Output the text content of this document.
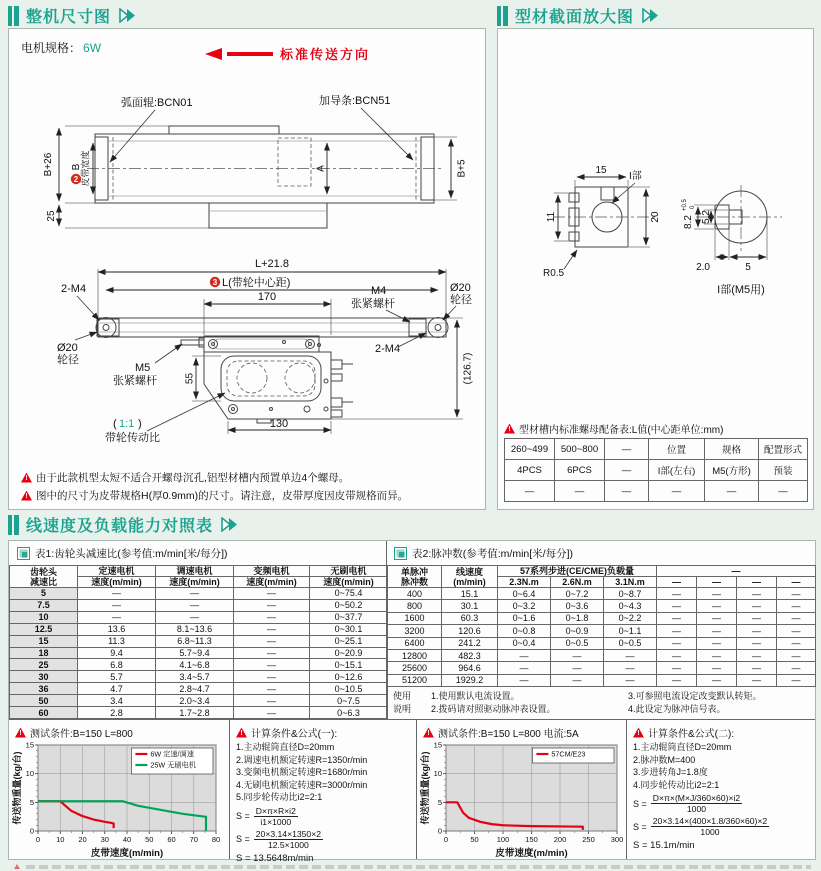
整机尺寸图
电机规格： 6W	标准传送方向
B+26
2
B
皮带宽度	A	B+5
25
弧面辊:BCN01	加导条:BCN51
L+21.8
3 L(带轮中心距)
170
2-M4
Ø20
轮径
M5
张紧螺杆
M4
张紧螺杆
Ø20
轮径
2-M4
55	(126.7)
130
( 1:1 )
带轮传动比
!
由于此款机型太短不适合开螺母沉孔,铝型材槽内预置单边4个螺母。
!
图中的尺寸为皮带规格H(厚0.9mm)的尺寸。请注意，皮带厚度因皮带规格而异。
型材截面放大图
15
11	20
R0.5
I部
8.2
+0.5 0
5.2
2.0	5
I部(M5用)
!
型材槽内标准螺母配备表:L值(中心距单位:mm)
260~499	500~800	—	位置	规格	配置形式
4PCS	6PCS	—	I部(左右)	M5(方形)	预装
—	—	—	—	—	—
线速度及负载能力对照表
表1:齿轮头减速比(参考值:m/min[米/每分])	表2:脉冲数(参考值:m/min[米/每分])
齿轮头
减速比	定速电机	调速电机	变频电机	无刷电机
	速度(m/min)	速度(m/min)	速度(m/min)	速度(m/min)
5	—	—	—	0~75.4
7.5	—	—	—	0~50.2
10	—	—	—	0~37.7
12.5	13.6	8.1~13.6	—	0~30.1
15	11.3	6.8~11.3	—	0~25.1
18	9.4	5.7~9.4	—	0~20.9
25	6.8	4.1~6.8	—	0~15.1
30	5.7	3.4~5.7	—	0~12.6
36	4.7	2.8~4.7	—	0~10.5
50	3.4	2.0~3.4	—	0~7.5
60	2.8	1.7~2.8	—	0~6.3
单脉冲
脉冲数

线速度
(m/min)
	57系列步进(CE/CME)负载量	—
		2.3N.m	2.6N.m	3.1N.m	—	—	—	—
400	15.1	0~6.4	0~7.2	0~8.7	—	—	—	—
800	30.1	0~3.2	0~3.6	0~4.3	—	—	—	—
1600	60.3	0~1.6	0~1.8	0~2.2	—	—	—	—
3200	120.6	0~0.8	0~0.9	0~1.1	—	—	—	—
6400	241.2	0~0.4	0~0.5	0~0.5	—	—	—	—
12800	482.3	—	—	—	—	—	—	—
25600	964.6	—	—	—	—	—	—	—
51200	1929.2	—	—	—	—	—	—	—
使用
说明
1.使用默认电流设置。
2.拨码请对照驱动脉冲表设置。
3.可参照电流设定改变默认转矩。
4.此设定为脉冲信号表。
!
测试条件:B=150 L=800
0 10 20 30 40 50 60 70 80
0
5
10
15
皮带速度(m/min)
传送物重量(kg/台)	6W 定速/调速
25W 无刷电机
!
计算条件&公式(一):
1.主动辊筒直径D=20mm
2.调速电机额定转速R=1350r/min
3.变频电机额定转速R=1680r/min
4.无刷电机额定转速R=3000r/min
5.同步轮传动比i2=2:1
$S = \frac{D\times\pi\times R\times i2}{i1\times 1000}$
$S = \frac{20\times 3.14\times 1350\times 2}{12.5\times 1000}$
S = 13.5648m/min
!
测试条件:B=150 L=800 电流:5A
0	50 100 150 200 250 300
0
5
10
15
皮带速度(m/min)
传送物重量(kg/台)	57CM/E23
!
计算条件&公式(二):
1.主动辊筒直径D=20mm
2.脉冲数M=400
3.步进转角J=1.8度
4.同步轮传动比i2=2:1
$S = \frac{D\times\pi\times(M\times J/360\times 60)\times i2}{1000}$
$S = \frac{20\times 3.14\times(400\times 1.8/360\times 60)\times 2}{1000}$
S = 15.1m/min
